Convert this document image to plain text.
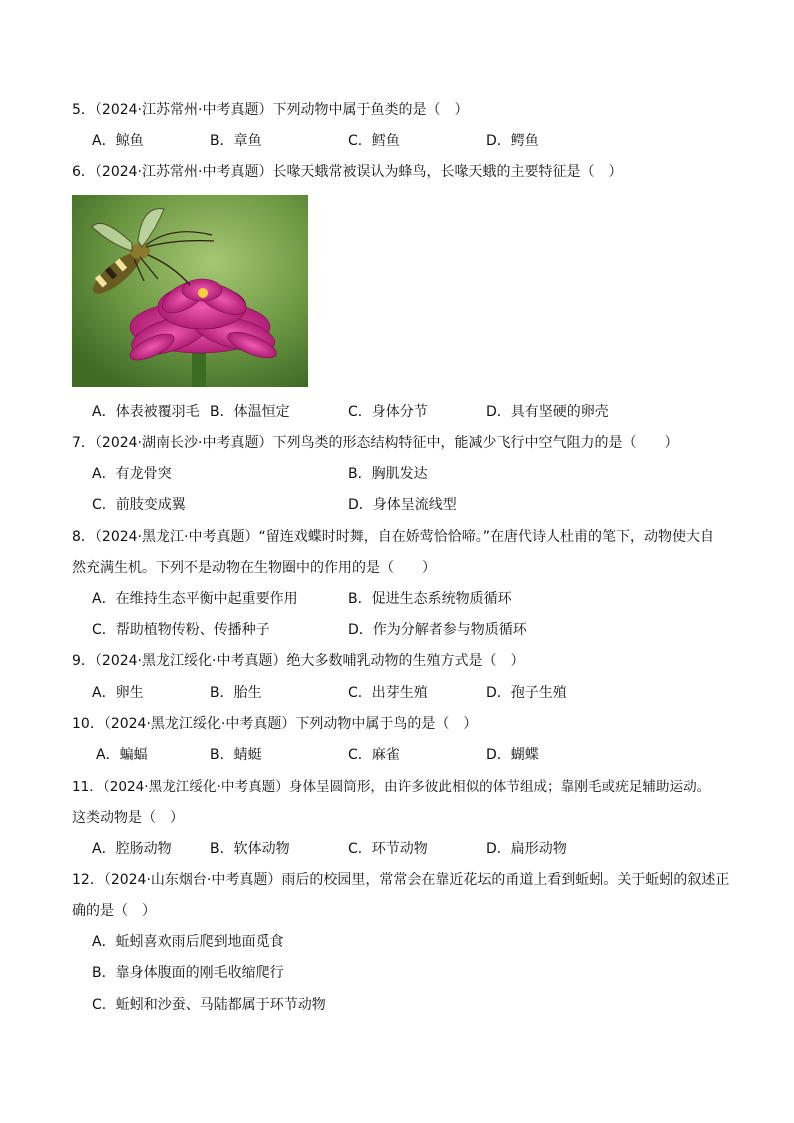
5．（2024·江苏常州·中考真题）下列动物中属于鱼类的是（　）
A．鲸鱼	B．章鱼	C．鳕鱼	D．鳄鱼
6．（2024·江苏常州·中考真题）长喙天蛾常被误认为蜂鸟，长喙天蛾的主要特征是（　）
A．体表被覆羽毛 B．体温恒定	C．身体分节	D．具有坚硬的卵壳
7．（2024·湖南长沙·中考真题）下列鸟类的形态结构特征中，能减少飞行中空气阻力的是（　　）
A．有龙骨突	B．胸肌发达
C．前肢变成翼	D．身体呈流线型
8．（2024·黑龙江·中考真题）“留连戏蝶时时舞，自在娇莺恰恰啼。”在唐代诗人杜甫的笔下，动物使大自
然充满生机。下列不是动物在生物圈中的作用的是（　　）
A．在维持生态平衡中起重要作用	B．促进生态系统物质循环
C．帮助植物传粉、传播种子	D．作为分解者参与物质循环
9．（2024·黑龙江绥化·中考真题）绝大多数哺乳动物的生殖方式是（　）
A．卵生	B．胎生	C．出芽生殖	D．孢子生殖
10．（2024·黑龙江绥化·中考真题）下列动物中属于鸟的是（　）
A．蝙蝠	B．蜻蜓	C．麻雀	D．蝴蝶
11．（2024·黑龙江绥化·中考真题）身体呈圆筒形，由许多彼此相似的体节组成；靠刚毛或疣足辅助运动。
这类动物是（　）
A．腔肠动物	B．软体动物	C．环节动物	D．扁形动物
12．（2024·山东烟台·中考真题）雨后的校园里，常常会在靠近花坛的甬道上看到蚯蚓。关于蚯蚓的叙述正
确的是（　）
A．蚯蚓喜欢雨后爬到地面觅食
B．靠身体腹面的刚毛收缩爬行
C．蚯蚓和沙蚕、马陆都属于环节动物
